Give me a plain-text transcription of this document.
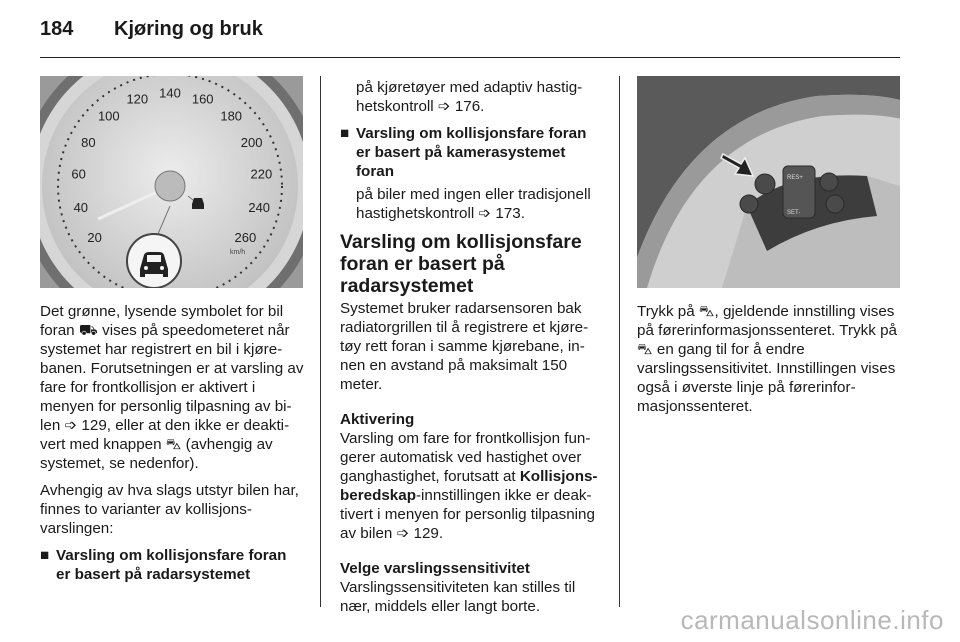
184 Kjøring og bruk
20
40
60
80
100
120 140 160
180
200
220
240
260
km/h
RES+
SET-

Det grønne, lysende symbolet for bil foran ⛟ vises på speedometeret når systemet har registrert en bil i kjørebanen. Forutsetningen er at varsling av fare for frontkollisjon er aktivert i menyen for personlig tilpasning av bilen ➩ 129, eller at den ikke er deaktivert med knappen ⛍ (avhengig av systemet, se nedenfor).

Avhengig av hva slags utstyr bilen har, finnes to varianter av kollisjonsvarslingen:

■ Varsling om kollisjonsfare foran er basert på radarsystemet

på kjøretøyer med adaptiv hastighetskontroll ➩ 176.

■ Varsling om kollisjonsfare foran er basert på kamerasystemet foran

på biler med ingen eller tradisjonell hastighetskontroll ➩ 173.

Varsling om kollisjonsfare foran er basert på radarsystemet

Systemet bruker radarsensoren bak radiatorgrillen til å registrere et kjøretøy rett foran i samme kjørebane, innen en avstand på maksimalt 150 meter.

Aktivering

Varsling om fare for frontkollisjon fungerer automatisk ved hastighet over ganghastighet, forutsatt at Kollisjonsberedskap-innstillingen ikke er deaktivert i menyen for personlig tilpasning av bilen ➩ 129.

Velge varslingssensitivitet

Varslingssensitiviteten kan stilles til nær, middels eller langt borte.

Trykk på ⛍, gjeldende innstilling vises på førerinformasjonssenteret. Trykk på ⛍ en gang til for å endre varslingssensitivitet. Innstillingen vises også i øverste linje på førerinformasjonssenteret.

carmanualsonline.info
